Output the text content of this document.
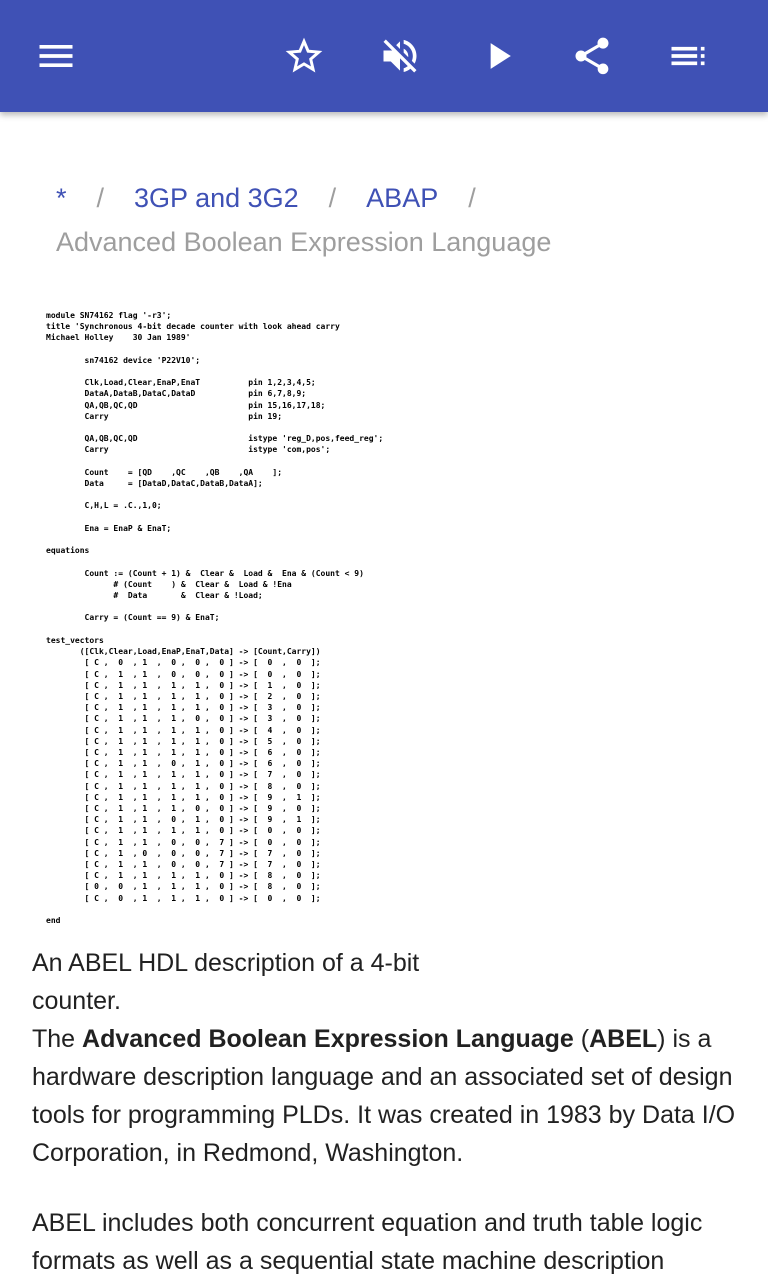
* / 3GP and 3G2 / ABAP /
Advanced Boolean Expression Language
module SN74162 flag '-r3';
title 'Synchronous 4-bit decade counter with look ahead carry
Michael Holley    30 Jan 1989'

sn74162 device 'P22V10';

Clk,Load,Clear,EnaP,EnaT          pin 1,2,3,4,5;
DataA,DataB,DataC,DataD           pin 6,7,8,9;
QA,QB,QC,QD                       pin 15,16,17,18;
Carry                             pin 19;

QA,QB,QC,QD                       istype 'reg_D,pos,feed_reg';
Carry                             istype 'com,pos';

Count    = [QD    ,QC    ,QB    ,QA    ];
Data     = [DataD,DataC,DataB,DataA];

C,H,L = .C.,1,0;

Ena = EnaP & EnaT;

equations

Count := (Count + 1) &  Clear &  Load &  Ena & (Count < 9)
# (Count    ) &  Clear &  Load & !Ena
#  Data       &  Clear & !Load;

Carry = (Count == 9) & EnaT;

test_vectors
([Clk,Clear,Load,EnaP,EnaT,Data] -> [Count,Carry])
[ C ,  0  , 1  ,  0 ,  0 ,  0 ] -> [  0  ,  0  ];
[ C ,  1  , 1  ,  0 ,  0 ,  0 ] -> [  0  ,  0  ];
[ C ,  1  , 1  ,  1 ,  1 ,  0 ] -> [  1  ,  0  ];
[ C ,  1  , 1  ,  1 ,  1 ,  0 ] -> [  2  ,  0  ];
[ C ,  1  , 1  ,  1 ,  1 ,  0 ] -> [  3  ,  0  ];
[ C ,  1  , 1  ,  1 ,  0 ,  0 ] -> [  3  ,  0  ];
[ C ,  1  , 1  ,  1 ,  1 ,  0 ] -> [  4  ,  0  ];
[ C ,  1  , 1  ,  1 ,  1 ,  0 ] -> [  5  ,  0  ];
[ C ,  1  , 1  ,  1 ,  1 ,  0 ] -> [  6  ,  0  ];
[ C ,  1  , 1  ,  0 ,  1 ,  0 ] -> [  6  ,  0  ];
[ C ,  1  , 1  ,  1 ,  1 ,  0 ] -> [  7  ,  0  ];
[ C ,  1  , 1  ,  1 ,  1 ,  0 ] -> [  8  ,  0  ];
[ C ,  1  , 1  ,  1 ,  1 ,  0 ] -> [  9  ,  1  ];
[ C ,  1  , 1  ,  1 ,  0 ,  0 ] -> [  9  ,  0  ];
[ C ,  1  , 1  ,  0 ,  1 ,  0 ] -> [  9  ,  1  ];
[ C ,  1  , 1  ,  1 ,  1 ,  0 ] -> [  0  ,  0  ];
[ C ,  1  , 1  ,  0 ,  0 ,  7 ] -> [  0  ,  0  ];
[ C ,  1  , 0  ,  0 ,  0 ,  7 ] -> [  7  ,  0  ];
[ C ,  1  , 1  ,  0 ,  0 ,  7 ] -> [  7  ,  0  ];
[ C ,  1  , 1  ,  1 ,  1 ,  0 ] -> [  8  ,  0  ];
[ 0 ,  0  , 1  ,  1 ,  1 ,  0 ] -> [  8  ,  0  ];
[ C ,  0  , 1  ,  1 ,  1 ,  0 ] -> [  0  ,  0  ];

end
An ABEL HDL description of a 4-bit counter.

The Advanced Boolean Expression Language (ABEL) is a hardware description language and an associated set of design tools for programming PLDs. It was created in 1983 by Data I/O Corporation, in Redmond, Washington.

ABEL includes both concurrent equation and truth table logic formats as well as a sequential state machine description
